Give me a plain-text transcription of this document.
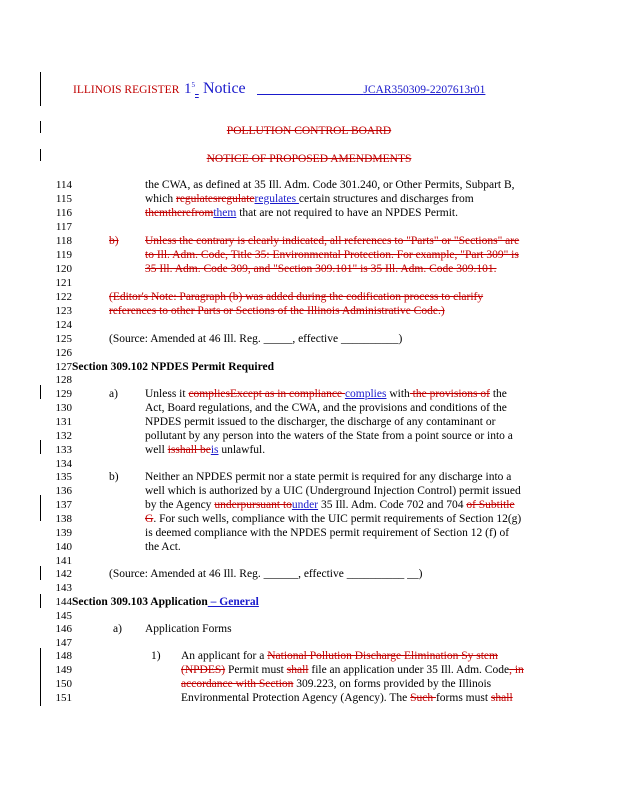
ILLINOIS REGISTER $1^5$ Notice	JCAR350309-2207613r01
POLLUTION CONTROL BOARD
NOTICE OF PROPOSED AMENDMENTS
114
115
116
117
118
119
120
121
122
123
124
125
126
127
128
129
130
131
132
133
134
135
136
137
138
139
140
141
142
143
144
145
146
147
148
149
150
151
the CWA, as defined at 35 Ill. Adm. Code 301.240, or Other Permits, Subpart B,
which regulatesregulateregulates certain structures and discharges from
themtherefromthem that are not required to have an NPDES Permit.
b) Unless the contrary is clearly indicated, all references to "Parts" or "Sections" are
to Ill. Adm. Code, Title 35: Environmental Protection. For example, "Part 309" is
35 Ill. Adm. Code 309, and "Section 309.101" is 35 Ill. Adm. Code 309.101.
(Editor's Note: Paragraph (b) was added during the codification process to clarify
references to other Parts or Sections of the Illinois Administrative Code.)
(Source: Amended at 46 Ill. Reg. _____, effective __________)
Section 309.102 NPDES Permit Required
a) Unless it compliesExcept as in compliance complies with the provisions of the
Act, Board regulations, and the CWA, and the provisions and conditions of the
NPDES permit issued to the discharger, the discharge of any contaminant or
pollutant by any person into the waters of the State from a point source or into a
well isshall beis unlawful.
b) Neither an NPDES permit nor a state permit is required for any discharge into a
well which is authorized by a UIC (Underground Injection Control) permit issued
by the Agency underpursuant tounder 35 Ill. Adm. Code 702 and 704 of Subtitle
G. For such wells, compliance with the UIC permit requirements of Section 12(g)
is deemed compliance with the NPDES permit requirement of Section 12 (f) of
the Act.
(Source: Amended at 46 Ill. Reg. ______, effective __________ __)
Section 309.103 Application – General
a) Application Forms
1) An applicant for a National Pollution Discharge Elimination Sy stem
(NPDES) Permit must shall file an application under 35 Ill. Adm. Code, in
accordance with Section 309.223, on forms provided by the Illinois
Environmental Protection Agency (Agency). The Such forms must shall
